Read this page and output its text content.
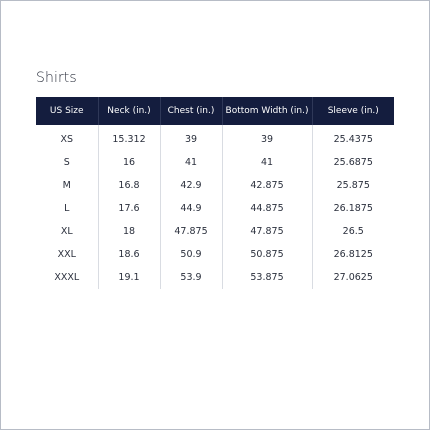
Shirts
US Size	Neck (in.)	Chest (in.)	Bottom Width (in.)	Sleeve (in.)
XS	15.312	39	39	25.4375
S	16	41	41	25.6875
M	16.8	42.9	42.875	25.875
L	17.6	44.9	44.875	26.1875
XL	18	47.875	47.875	26.5
XXL	18.6	50.9	50.875	26.8125
XXXL	19.1	53.9	53.875	27.0625
